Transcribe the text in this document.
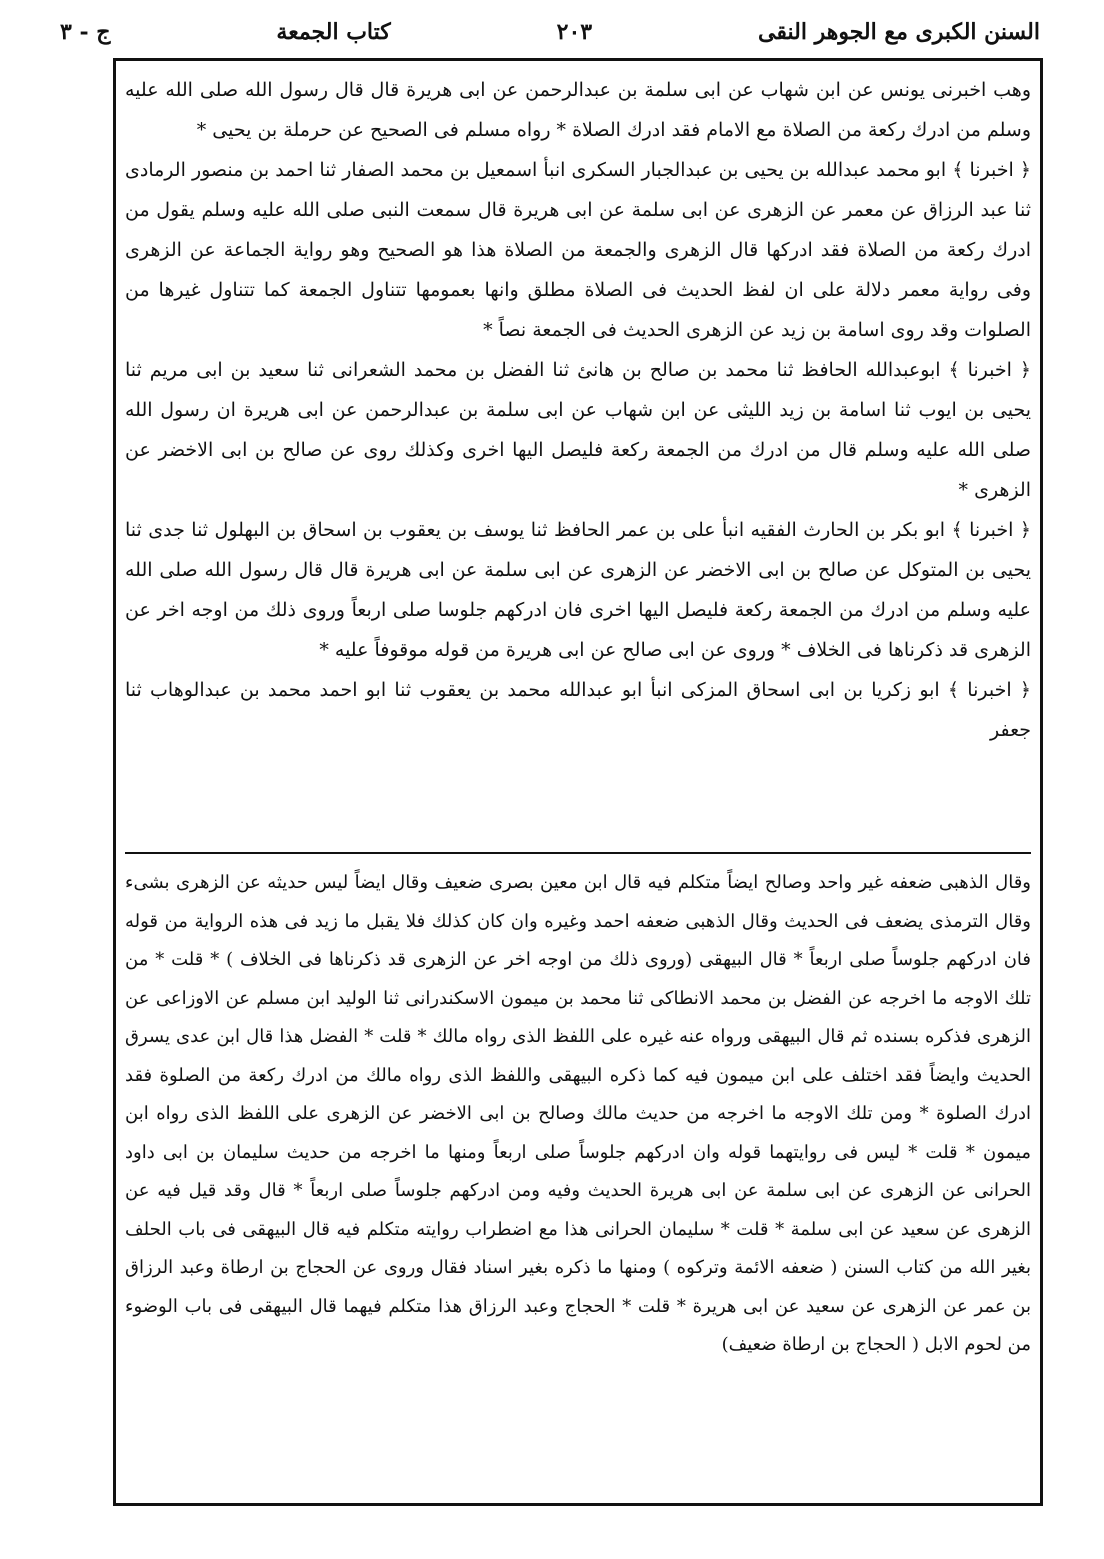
السنن الكبرى مع الجوهر النقى
٢٠٣
كتاب الجمعة
ج - ٣

وهب اخبرنى يونس عن ابن شهاب عن ابى سلمة بن عبدالرحمن عن ابى هريرة قال قال رسول الله صلى الله عليه وسلم من ادرك ركعة من الصلاة مع الامام فقد ادرك الصلاة * رواه مسلم فى الصحيح عن حرملة بن يحيى *

﴿ اخبرنا ﴾ ابو محمد عبدالله بن يحيى بن عبدالجبار السكرى انبأ اسمعيل بن محمد الصفار ثنا احمد بن منصور الرمادى ثنا عبد الرزاق عن معمر عن الزهرى عن ابى سلمة عن ابى هريرة قال سمعت النبى صلى الله عليه وسلم يقول من ادرك ركعة من الصلاة فقد ادركها قال الزهرى والجمعة من الصلاة هذا هو الصحيح وهو رواية الجماعة عن الزهرى وفى رواية معمر دلالة على ان لفظ الحديث فى الصلاة مطلق وانها بعمومها تتناول الجمعة كما تتناول غيرها من الصلوات وقد روى اسامة بن زيد عن الزهرى الحديث فى الجمعة نصاً *

﴿ اخبرنا ﴾ ابوعبدالله الحافظ ثنا محمد بن صالح بن هانئ ثنا الفضل بن محمد الشعرانى ثنا سعيد بن ابى مريم ثنا يحيى بن ايوب ثنا اسامة بن زيد الليثى عن ابن شهاب عن ابى سلمة بن عبدالرحمن عن ابى هريرة ان رسول الله صلى الله عليه وسلم قال من ادرك من الجمعة ركعة فليصل اليها اخرى وكذلك روى عن صالح بن ابى الاخضر عن الزهرى *

﴿ اخبرنا ﴾ ابو بكر بن الحارث الفقيه انبأ على بن عمر الحافظ ثنا يوسف بن يعقوب بن اسحاق بن البهلول ثنا جدى ثنا يحيى بن المتوكل عن صالح بن ابى الاخضر عن الزهرى عن ابى سلمة عن ابى هريرة قال قال رسول الله صلى الله عليه وسلم من ادرك من الجمعة ركعة فليصل اليها اخرى فان ادركهم جلوسا صلى اربعاً وروى ذلك من اوجه اخر عن الزهرى قد ذكرناها فى الخلاف * وروى عن ابى صالح عن ابى هريرة من قوله موقوفاً عليه *

﴿ اخبرنا ﴾ ابو زكريا بن ابى اسحاق المزكى انبأ ابو عبدالله محمد بن يعقوب ثنا ابو احمد محمد بن عبدالوهاب ثنا جعفر

وقال الذهبى ضعفه غير واحد وصالح ايضاً متكلم فيه قال ابن معين بصرى ضعيف وقال ايضاً ليس حديثه عن الزهرى بشىء وقال الترمذى يضعف فى الحديث وقال الذهبى ضعفه احمد وغيره وان كان كذلك فلا يقبل ما زيد فى هذه الرواية من قوله فان ادركهم جلوساً صلى اربعاً * قال البيهقى (وروى ذلك من اوجه اخر عن الزهرى قد ذكرناها فى الخلاف ) * قلت * من تلك الاوجه ما اخرجه عن الفضل بن محمد الانطاكى ثنا محمد بن ميمون الاسكندرانى ثنا الوليد ابن مسلم عن الاوزاعى عن الزهرى فذكره بسنده ثم قال البيهقى ورواه عنه غيره على اللفظ الذى رواه مالك * قلت * الفضل هذا قال ابن عدى يسرق الحديث وايضاً فقد اختلف على ابن ميمون فيه كما ذكره البيهقى واللفظ الذى رواه مالك من ادرك ركعة من الصلوة فقد ادرك الصلوة * ومن تلك الاوجه ما اخرجه من حديث مالك وصالح بن ابى الاخضر عن الزهرى على اللفظ الذى رواه ابن ميمون * قلت * ليس فى روايتهما قوله وان ادركهم جلوساً صلى اربعاً ومنها ما اخرجه من حديث سليمان بن ابى داود الحرانى عن الزهرى عن ابى سلمة عن ابى هريرة الحديث وفيه ومن ادركهم جلوساً صلى اربعاً * قال وقد قيل فيه عن الزهرى عن سعيد عن ابى سلمة * قلت * سليمان الحرانى هذا مع اضطراب روايته متكلم فيه قال البيهقى فى باب الحلف بغير الله من كتاب السنن ( ضعفه الائمة وتركوه ) ومنها ما ذكره بغير اسناد فقال وروى عن الحجاج بن ارطاة وعبد الرزاق بن عمر عن الزهرى عن سعيد عن ابى هريرة * قلت * الحجاج وعبد الرزاق هذا متكلم فيهما قال البيهقى فى باب الوضوء من لحوم الابل ( الحجاج بن ارطاة ضعيف)
